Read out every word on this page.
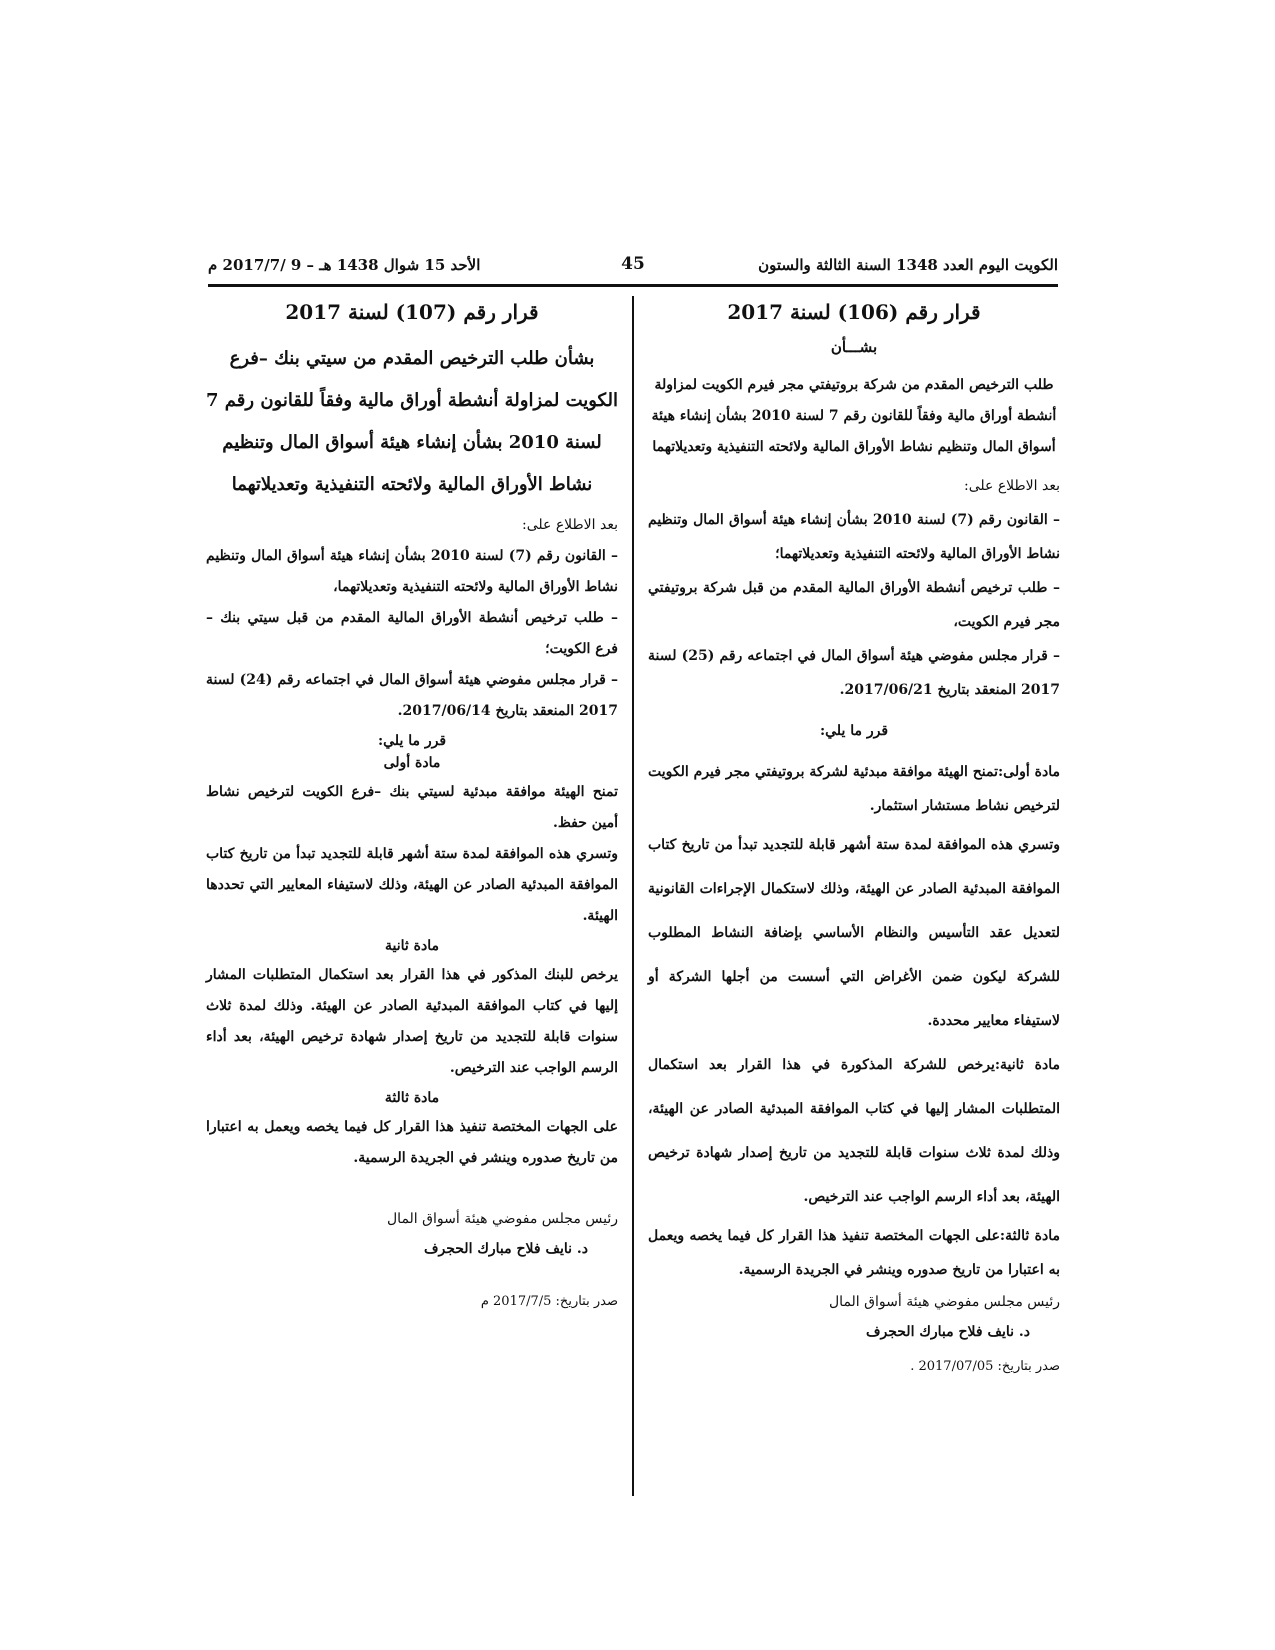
الكويت اليوم العدد 1348 السنة الثالثة والستون
45
الأحد 15 شوال 1438 هـ – 9 /2017/7 م
قرار رقم (106) لسنة 2017
بشـــأن
طلب الترخيص المقدم من شركة بروتيفتي مجر فيرم الكويت لمزاولة أنشطة أوراق مالية وفقاً للقانون رقم 7 لسنة 2010 بشأن إنشاء هيئة أسواق المال وتنظيم نشاط الأوراق المالية ولائحته التنفيذية وتعديلاتهما

بعد الاطلاع على:

– القانون رقم (7) لسنة 2010 بشأن إنشاء هيئة أسواق المال وتنظيم نشاط الأوراق المالية ولائحته التنفيذية وتعديلاتهما؛

– طلب ترخيص أنشطة الأوراق المالية المقدم من قبل شركة بروتيفتي مجر فيرم الكويت،

– قرار مجلس مفوضي هيئة أسواق المال في اجتماعه رقم (25) لسنة 2017 المنعقد بتاريخ 2017/06/21.

قرر ما يلي:

مادة أولى:تمنح الهيئة موافقة مبدئية لشركة بروتيفتي مجر فيرم الكويت لترخيص نشاط مستشار استثمار.

وتسري هذه الموافقة لمدة ستة أشهر قابلة للتجديد تبدأ من تاريخ كتاب الموافقة المبدئية الصادر عن الهيئة، وذلك لاستكمال الإجراءات القانونية لتعديل عقد التأسيس والنظام الأساسي بإضافة النشاط المطلوب للشركة ليكون ضمن الأغراض التي أسست من أجلها الشركة أو لاستيفاء معايير محددة.

مادة ثانية:يرخص للشركة المذكورة في هذا القرار بعد استكمال المتطلبات المشار إليها في كتاب الموافقة المبدئية الصادر عن الهيئة، وذلك لمدة ثلاث سنوات قابلة للتجديد من تاريخ إصدار شهادة ترخيص الهيئة، بعد أداء الرسم الواجب عند الترخيص.

مادة ثالثة:على الجهات المختصة تنفيذ هذا القرار كل فيما يخصه ويعمل به اعتبارا من تاريخ صدوره وينشر في الجريدة الرسمية.

رئيس مجلس مفوضي هيئة أسواق المال

د. نايف فلاح مبارك الحجرف

صدر بتاريخ: 2017/07/05 .
قرار رقم (107) لسنة 2017
بشأن طلب الترخيص المقدم من سيتي بنك –فرع الكويت لمزاولة أنشطة أوراق مالية وفقاً للقانون رقم 7 لسنة 2010 بشأن إنشاء هيئة أسواق المال وتنظيم نشاط الأوراق المالية ولائحته التنفيذية وتعديلاتهما

بعد الاطلاع على:

– القانون رقم (7) لسنة 2010 بشأن إنشاء هيئة أسواق المال وتنظيم نشاط الأوراق المالية ولائحته التنفيذية وتعديلاتهما،

– طلب ترخيص أنشطة الأوراق المالية المقدم من قبل سيتي بنك – فرع الكويت؛

– قرار مجلس مفوضي هيئة أسواق المال في اجتماعه رقم (24) لسنة 2017 المنعقد بتاريخ 2017/06/14.

قرر ما يلي:
مادة أولى

تمنح الهيئة موافقة مبدئية لسيتي بنك –فرع الكويت لترخيص نشاط أمين حفظ.

وتسري هذه الموافقة لمدة ستة أشهر قابلة للتجديد تبدأ من تاريخ كتاب الموافقة المبدئية الصادر عن الهيئة، وذلك لاستيفاء المعايير التي تحددها الهيئة.

مادة ثانية

يرخص للبنك المذكور في هذا القرار بعد استكمال المتطلبات المشار إليها في كتاب الموافقة المبدئية الصادر عن الهيئة. وذلك لمدة ثلاث سنوات قابلة للتجديد من تاريخ إصدار شهادة ترخيص الهيئة، بعد أداء الرسم الواجب عند الترخيص.

مادة ثالثة

على الجهات المختصة تنفيذ هذا القرار كل فيما يخصه ويعمل به اعتبارا من تاريخ صدوره وينشر في الجريدة الرسمية.

رئيس مجلس مفوضي هيئة أسواق المال

د. نايف فلاح مبارك الحجرف

صدر بتاريخ: 2017/7/5 م
